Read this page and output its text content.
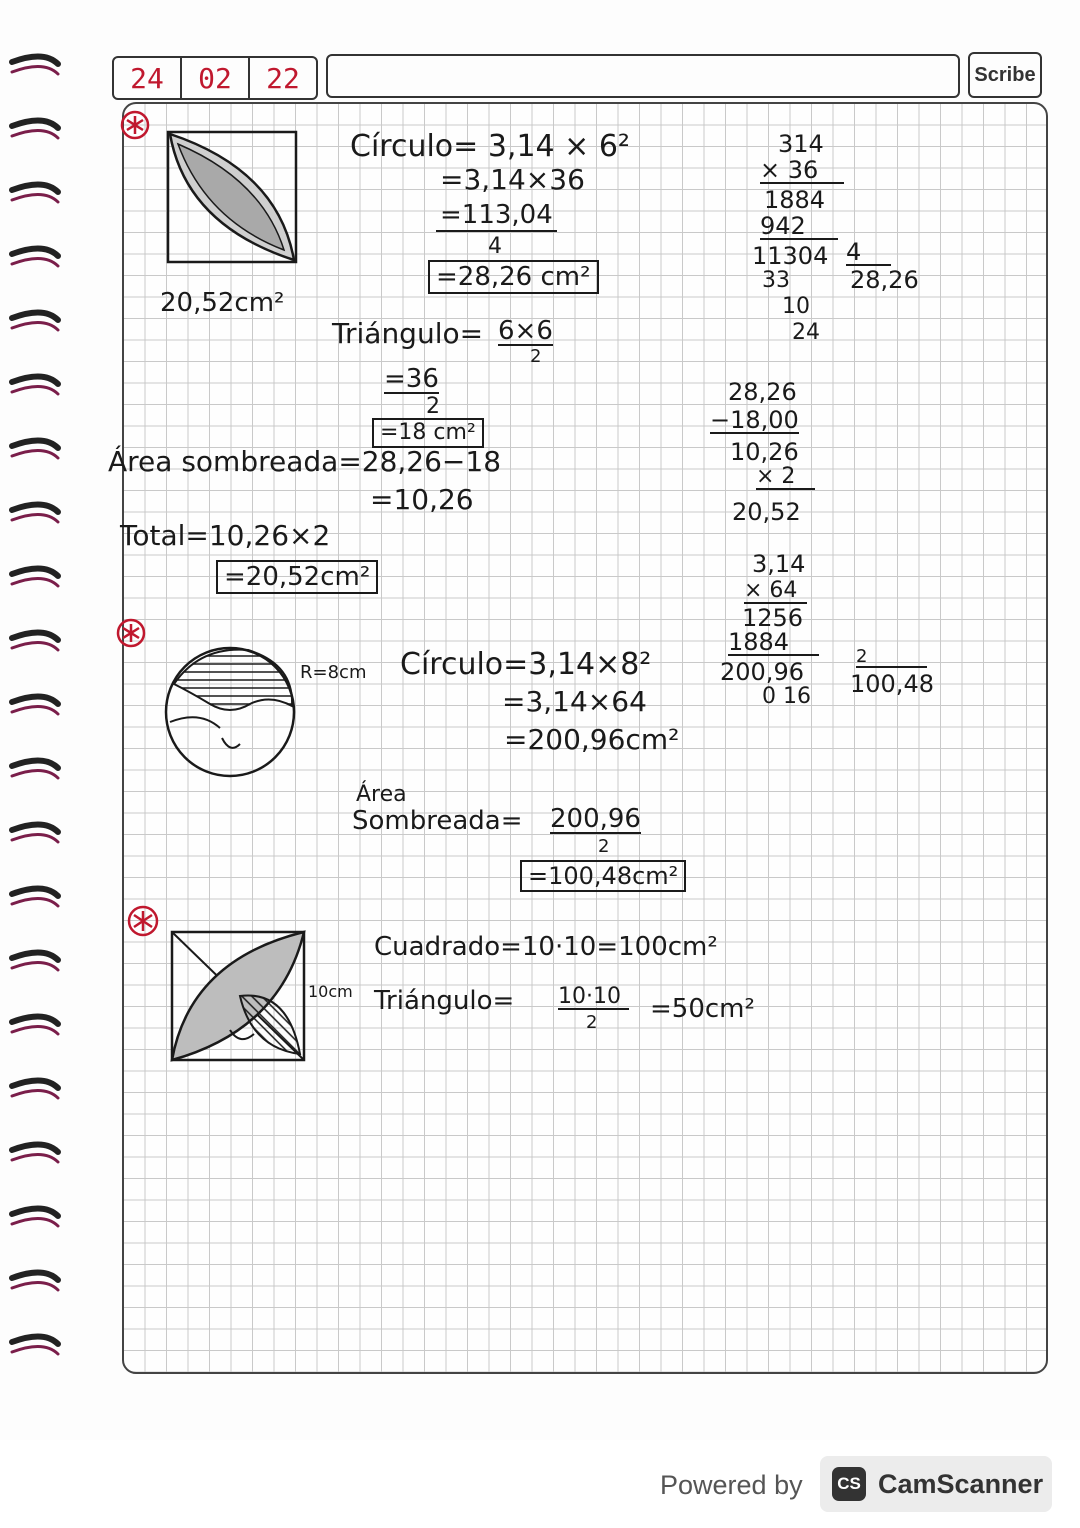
24	02	22	Scribe
20,52cm²
Círculo= 3,14 × 6²
=3,14×36
=113,04
4
=28,26 cm²
Triángulo= 6×6
2
=36
2
=18 cm²
Área sombreada=28,26−18
=10,26
Total=10,26×2
=20,52cm²
314
× 36
1884
942
11304 4
33	28,26
10
24
28,26
−18,00
10,26
× 2
20,52
R=8cm Círculo=3,14×8²
=3,14×64
=200,96cm²
Área
Sombreada= 200,96
2
=100,48cm²
3,14
× 64
1256
1884
200,96
2
0 16 100,48
10cm
Cuadrado=10·10=100cm²
Triángulo= 10·10
2 =50cm²
Powered by	CS CamScanner
